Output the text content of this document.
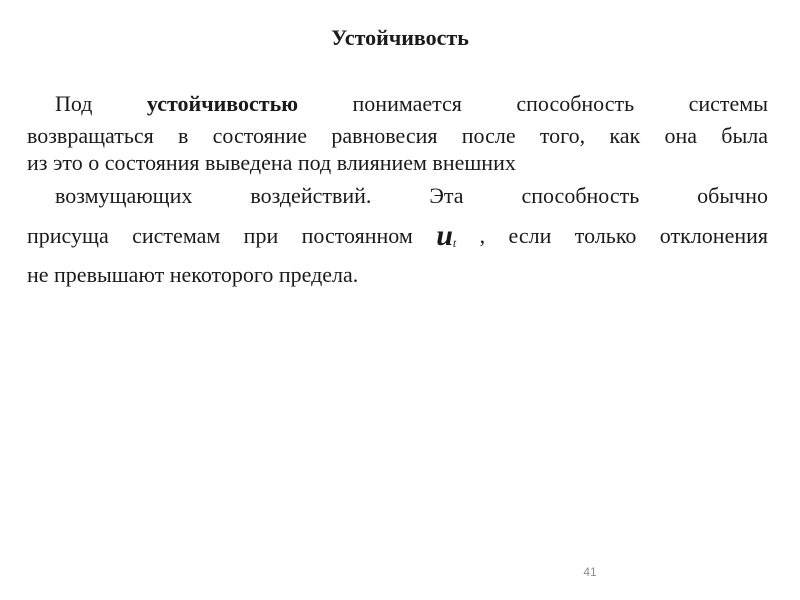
Устойчивость
Под устойчивостью понимается способность системы
возвращаться в состояние равновесия после того, как она была
из это о состояния выведена под влиянием внешних
возмущающих воздействий. Эта способность обычно
присуща системам при постоянном ut , если только отклонения
не превышают некоторого предела.
41
